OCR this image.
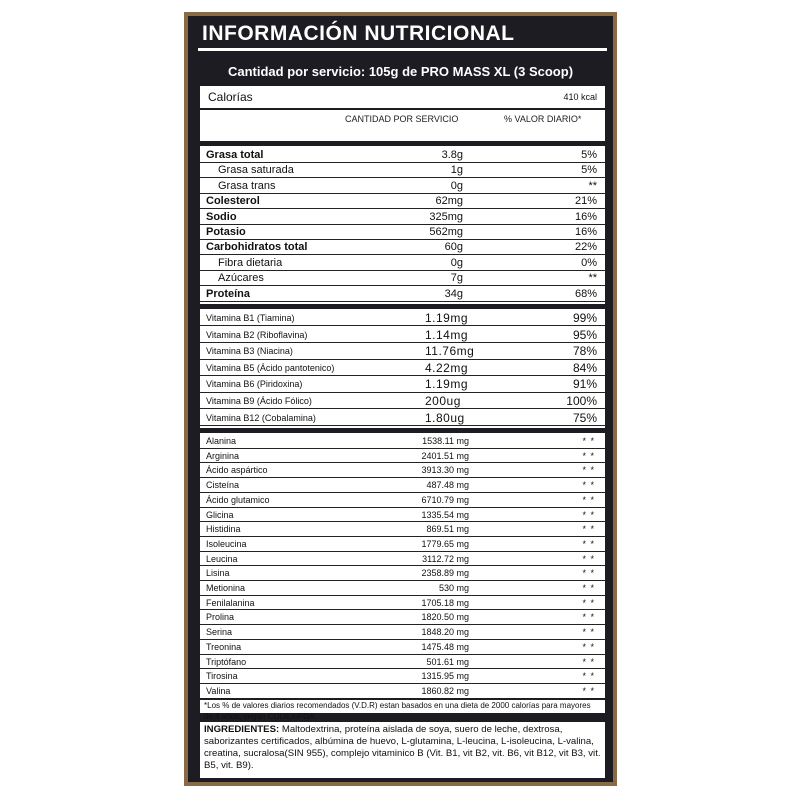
INFORMACIÓN NUTRICIONAL
Cantidad por servicio: 105g de PRO MASS XL (3 Scoop)
Calorías	410 kcal
CANTIDAD POR SERVICIO	% VALOR DIARIO*
Grasa total	3.8g	5%
Grasa saturada	1g	5%
Grasa trans	0g	**
Colesterol	62mg	21%
Sodio	325mg	16%
Potasio	562mg	16%
Carbohidratos total	60g	22%
Fibra dietaria	0g	0%
Azúcares	7g	**
Proteína	34g	68%
Vitamina B1 (Tiamina)	1.19mg	99%
Vitamina B2 (Riboflavina)	1.14mg	95%
Vitamina B3 (Niacina)	11.76mg	78%
Vitamina B5 (Ácido pantotenico)	4.22mg	84%
Vitamina B6 (Piridoxina)	1.19mg	91%
Vitamina B9 (Ácido Fólico)	200ug	100%
Vitamina B12 (Cobalamina)	1.80ug	75%
Alanina	1538.11 mg	* *
Arginina	2401.51 mg	* *
Ácido aspártico	3913.30 mg	* *
Cisteína	487.48 mg	* *
Ácido glutamico	6710.79 mg	* *
Glicina	1335.54 mg	* *
Histidina	869.51 mg	* *
Isoleucina	1779.65 mg	* *
Leucina	3112.72 mg	* *
Lisina	2358.89 mg	* *
Metionina	530 mg	* *
Fenilalanina	1705.18 mg	* *
Prolina	1820.50 mg	* *
Serina	1848.20 mg	* *
Treonina	1475.48 mg	* *
Triptófano	501.61 mg	* *
Tirosina	1315.95 mg	* *
Valina	1860.82 mg	* *
*Los % de valores diarios recomendados (V.D.R) estan basados en una dieta de 2000 calorías para mayores de 4 años, según CODEX/FDA.
INGREDIENTES: Maltodextrina, proteína aislada de soya, suero de leche, dextrosa, saborizantes certificados, albúmina de huevo, L-glutamina, L-leucina, L-isoleucina, L-valina, creatina, sucralosa(SIN 955), complejo vitaminico B (Vit. B1, vit B2, vit. B6, vit B12, vit B3, vit. B5, vit. B9).
